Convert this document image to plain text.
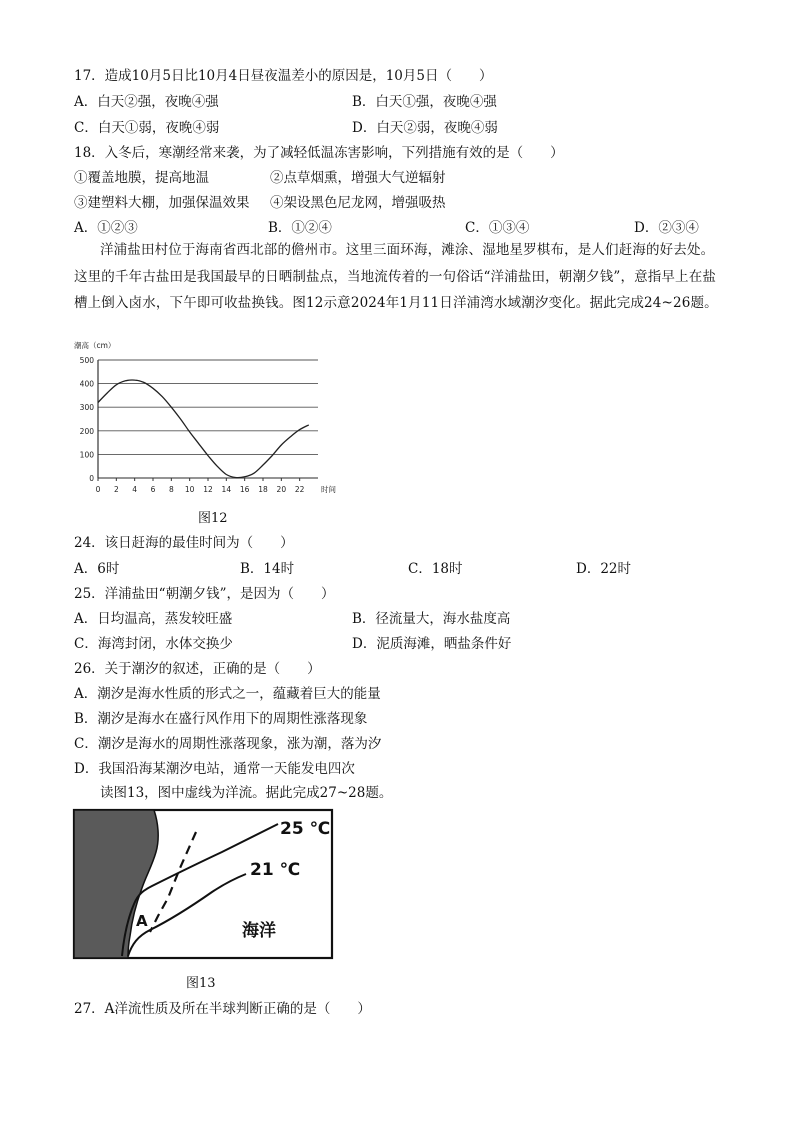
17．造成10月5日比10月4日昼夜温差小的原因是，10月5日（　　）
A．白天②强，夜晚④强	B．白天①强，夜晚④强
C．白天①弱，夜晚④弱	D．白天②弱，夜晚④弱
18．入冬后，寒潮经常来袭，为了减轻低温冻害影响，下列措施有效的是（　　）
①覆盖地膜，提高地温	②点草烟熏，增强大气逆辐射
③建塑料大棚，加强保温效果 ④架设黑色尼龙网，增强吸热
A．①②③	B．①②④	C．①③④	D．②③④
洋浦盐田村位于海南省西北部的儋州市。这里三面环海，滩涂、湿地星罗棋布，是人们赶海的好去处。这里的千年古盐田是我国最早的日晒制盐点，当地流传着的一句俗话“洋浦盐田，朝潮夕钱”，意指早上在盐槽上倒入卤水，下午即可收盐换钱。图12示意2024年1月11日洋浦湾水域潮汐变化。据此完成24~26题。
潮高（cm）
0
100
200
300
400
500
0 2 4 6 8 10 12 14 16 18 20 22 时间
图12
24．该日赶海的最佳时间为（　　）
A．6时	B．14时	C．18时	D．22时
25．洋浦盐田“朝潮夕钱”，是因为（　　）
A．日均温高，蒸发较旺盛	B．径流量大，海水盐度高
C．海湾封闭，水体交换少	D．泥质海滩，晒盐条件好
26．关于潮汐的叙述，正确的是（　　）
A．潮汐是海水性质的形式之一，蕴藏着巨大的能量
B．潮汐是海水在盛行风作用下的周期性涨落现象
C．潮汐是海水的周期性涨落现象，涨为潮，落为汐
D．我国沿海某潮汐电站，通常一天能发电四次
读图13，图中虚线为洋流。据此完成27~28题。
25 ℃
21 ℃
A	海洋
图13
27．A洋流性质及所在半球判断正确的是（　　）
